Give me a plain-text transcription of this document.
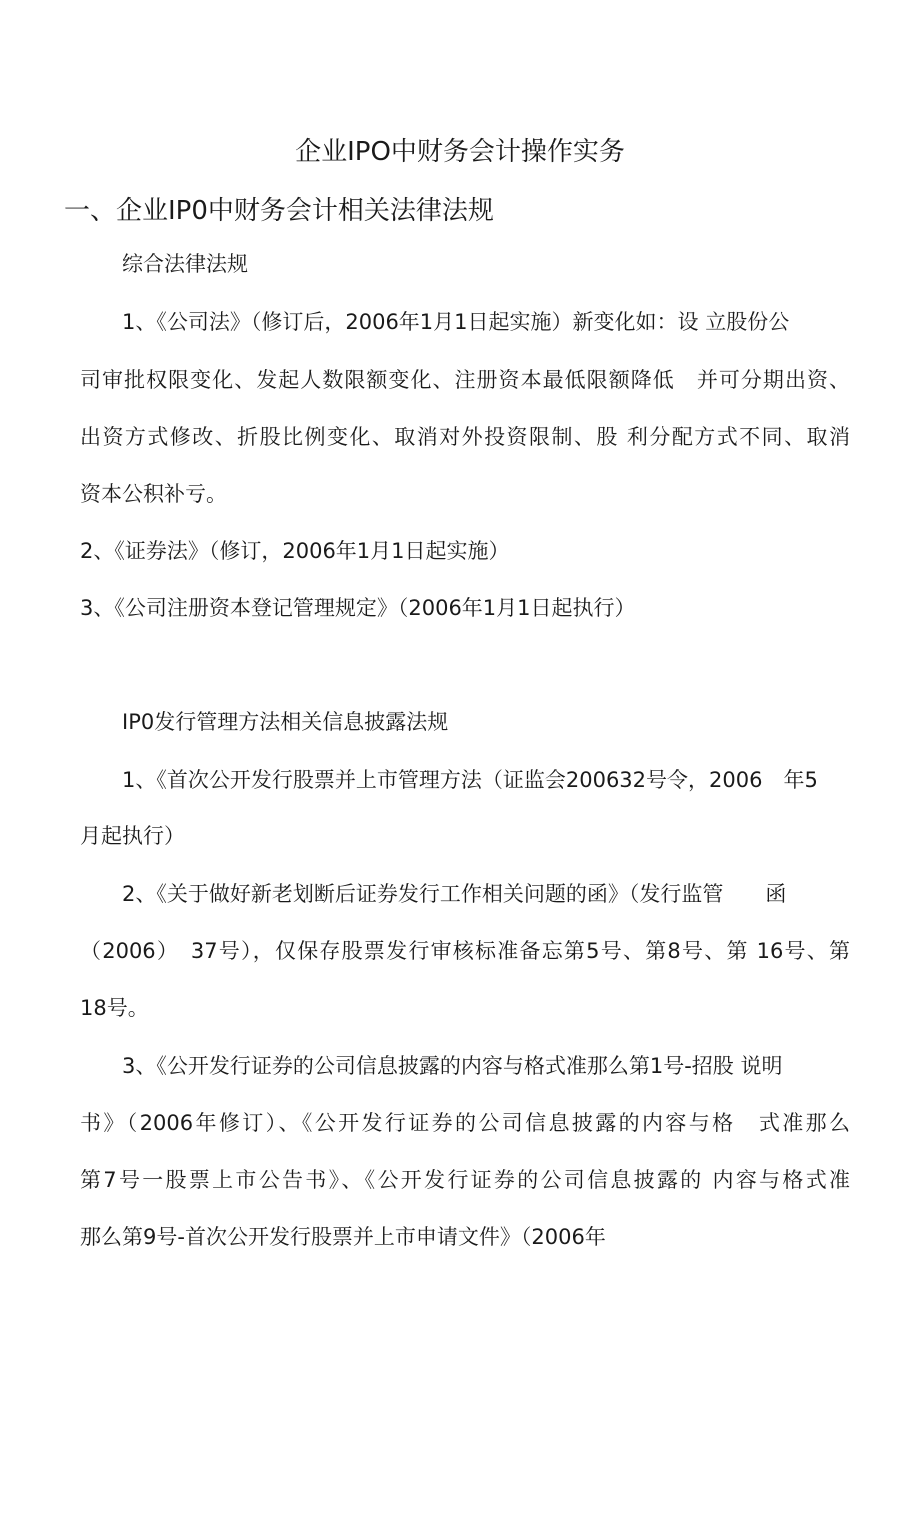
企业IPO中财务会计操作实务
一、企业IP0中财务会计相关法律法规

综合法律法规

1、《公司法》（修订后，2006年1月1日起实施）新变化如：设 立股份公

司审批权限变化、发起人数限额变化、注册资本最低限额降低　并可分期出资、

出资方式修改、折股比例变化、取消对外投资限制、股 利分配方式不同、取消

资本公积补亏。

2、《证券法》（修订，2006年1月1日起实施）

3、《公司注册资本登记管理规定》（2006年1月1日起执行）

IP0发行管理方法相关信息披露法规

1、《首次公开发行股票并上市管理方法（证监会200632号令，2006　年5

月起执行）

2、《关于做好新老划断后证券发行工作相关问题的函》（发行监管　　函

（2006）　37号），仅保存股票发行审核标准备忘第5号、第8号、第 16号、第

18号。

3、《公开发行证券的公司信息披露的内容与格式准那么第1号-招股 说明

书》（2006年修订）、《公开发行证券的公司信息披露的内容与格　式准那么

第7号一股票上市公告书》、《公开发行证券的公司信息披露的 内容与格式准

那么第9号-首次公开发行股票并上市申请文件》（2006年
